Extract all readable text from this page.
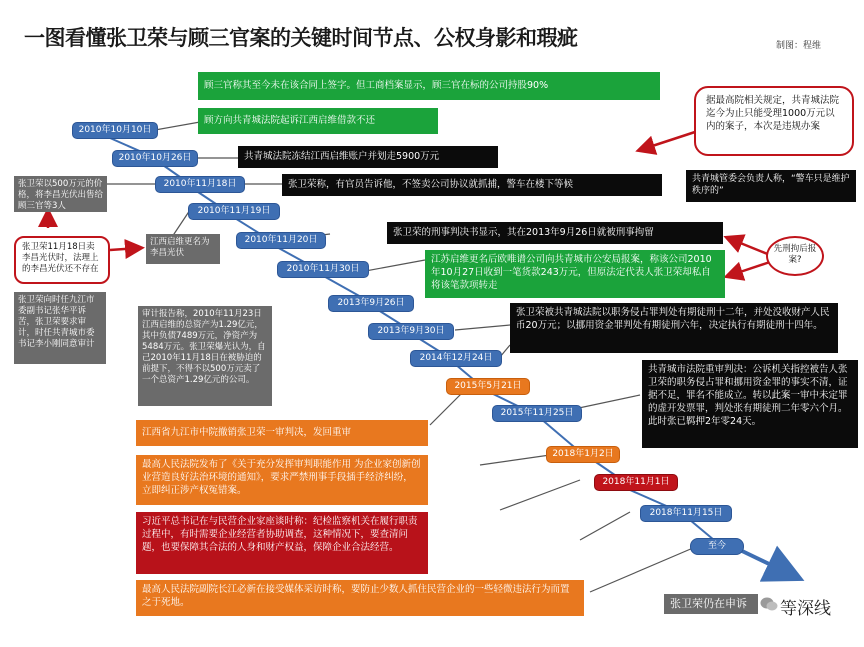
一图看懂张卫荣与顾三官案的关键时间节点、公权身影和瑕疵	制图：程维
2010年10月10日
2010年10月26日
2010年11月18日
2010年11月19日
2010年11月20日
2010年11月30日
2013年9月26日
2013年9月30日
2014年12月24日
2015年5月21日
2015年11月25日
2018年1月2日
2018年11月1日
2018年11月15日
至今
顾三官称其至今未在该合同上签字。但工商档案显示，顾三官在标的公司持股90%
顾方向共青城法院起诉江西启维借款不还
江苏启维更名后欧唯谱公司向共青城市公安局报案，称该公司2010年10月27日收到一笔货款243万元，但原法定代表人张卫荣却私自将该笔款项转走
共青城法院冻结江西启维账户并划走5900万元
张卫荣称，有官员告诉他，不签卖公司协议就抓捕，警车在楼下等候	共青城管委会负责人称，“警车只是维护秩序的”
张卫荣的刑事判决书显示，其在2013年9月26日就被刑事拘留
张卫荣被共青城法院以职务侵占罪判处有期徒刑十二年，并处没收财产人民币20万元；以挪用资金罪判处有期徒刑六年，决定执行有期徒刑十四年。
共青城市法院重审判决：公诉机关指控被告人张卫荣的职务侵占罪和挪用资金罪的事实不清，证据不足，罪名不能成立。转以此案一审中未定罪的虚开发票罪，判处张有期徒刑二年零六个月。此时张已羁押2年零24天。
江西省九江市中院撤销张卫荣一审判决，发回重审
最高人民法院发布了《关于充分发挥审判职能作用 为企业家创新创业营造良好法治环境的通知》，要求严禁刑事手段插手经济纠纷，立即纠正涉产权冤错案。
习近平总书记在与民营企业家座谈时称：纪检监察机关在履行职责过程中，有时需要企业经营者协助调查，这种情况下，要查清问题，也要保障其合法的人身和财产权益，保障企业合法经营。
最高人民法院副院长江必新在接受媒体采访时称，要防止少数人抓住民营企业的一些轻微违法行为而置之于死地。
张卫荣以500万元的价格，将李昌光伏出售给顾三官等3人
江西启维更名为李昌光伏
张卫荣向时任九江市委副书记张华平诉苦，张卫荣要求审计，时任共青城市委书记李小刚同意审计
审计报告称，2010年11月23日江西启维的总资产为1.29亿元，其中负债7489万元，净资产为5484万元。张卫荣爆光认为，自己2010年11月18日在被胁迫的前提下，不得不以500万元卖了一个总资产1.29亿元的公司。
据最高院相关规定，共青城法院迄今为止只能受理1000万元以内的案子，本次是违规办案
张卫荣11月18日卖李昌光伏时，法理上的李昌光伏还不存在
先刑拘后报案?
张卫荣仍在申诉	等深线
